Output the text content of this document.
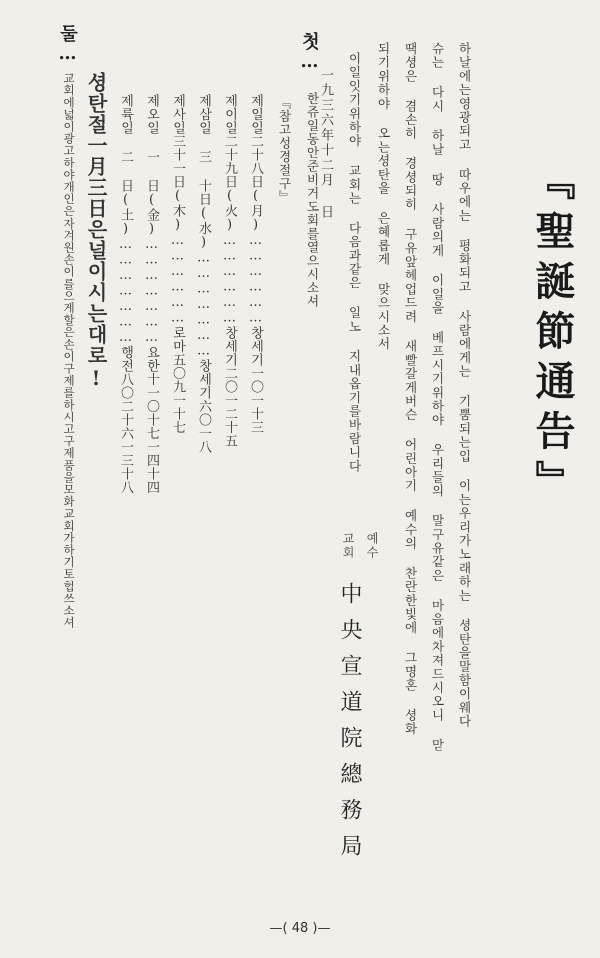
『聖誕節通告』
하날에는영광되고 따우에는 평화되고 사람에게는 기뿜되는입 이는우리가노래하는 셩탄을말함이웨다
슈는 다시 하날 땅 사람의게 이일을 베프시기위하야 우리들의 말구유같은 마음에차져드시오니 맏
땍셩은 겸손히 경셩되히 구유앞헤업드려 새빨갈게버슨 어린아기 예수의 찬란한빛에 그명혼 셩화
되기위하야 오는셩탄을 은혜롭게 맞으시소서
이일잇기위하야 교회는 다음과같은 일노 지내옵기를바람니다
一九三六年十二月 日
예수
교회
中央宣道院總務局
첫…
한쥬일동안준비거도회를열으시소셔
『참고성경절구』
제일일二十八日(月)………………창세기一〇一十三
제이일二十九日(火)………………창세기二〇一二十五
제삼일 三 十日(水)…………………창세기六〇一八
제사일三十一日(木)………………로마五〇九一十七
제오일 一 日(金)…………………요한十一〇十七一四十四
제륙일 二 日(土)…………………행전八〇二十六一三十八
셩탄절一月三日은널이시는대로!
둘…
교회에넓이광고하야개인은자겨원손이를으게할은손이구제를하시고구제품을모화교회가하기토헙쓰소셔
—( 48 )—
